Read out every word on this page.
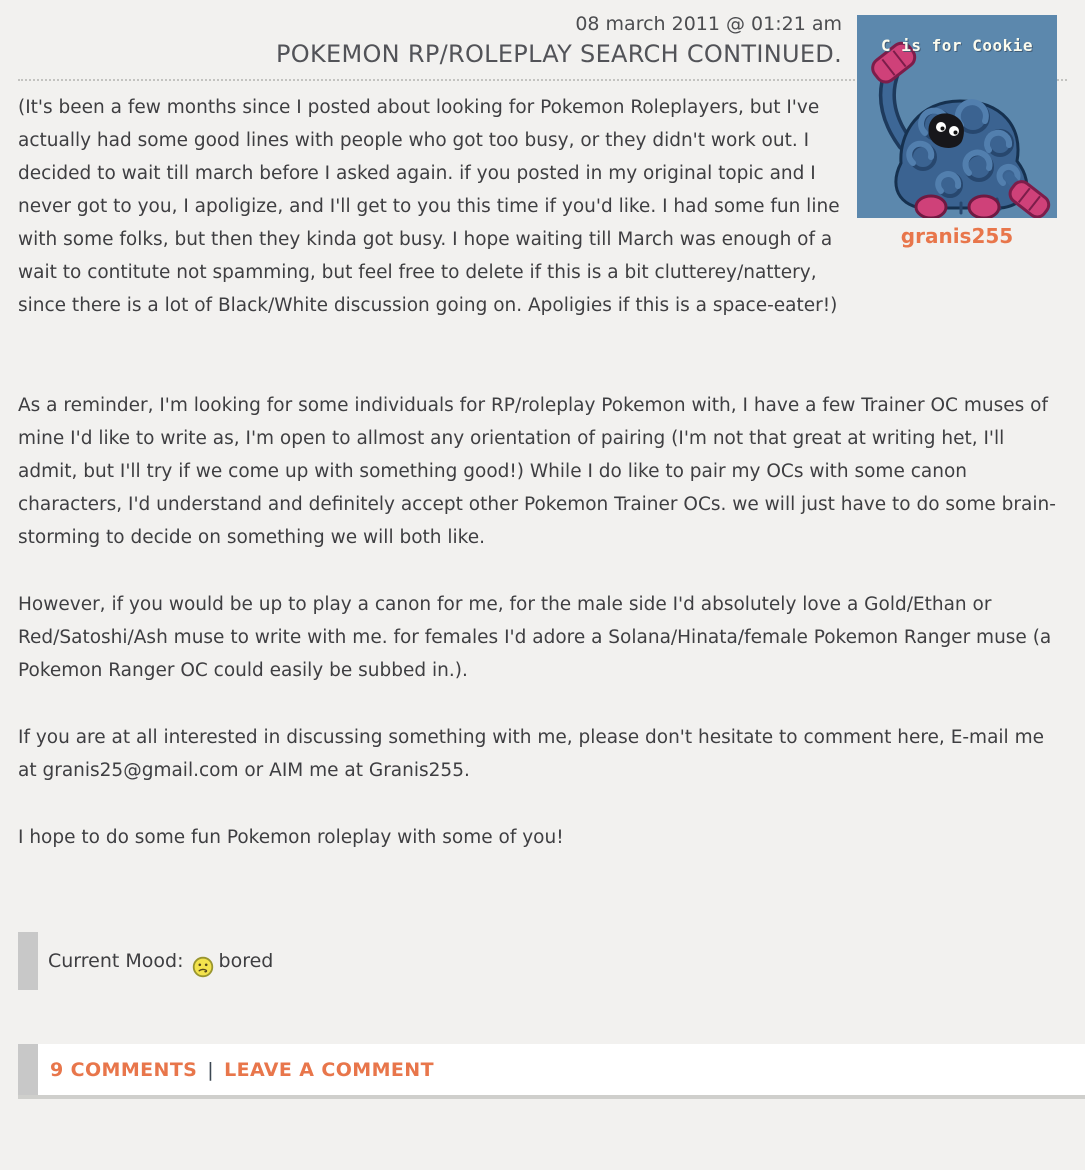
C is for Cookie
granis255
08 march 2011 @ 01:21 am
POKEMON RP/ROLEPLAY SEARCH CONTINUED.

(It's been a few months since I posted about looking for Pokemon Roleplayers, but I've actually had some good lines with people who got too busy, or they didn't work out. I decided to wait till march before I asked again. if you posted in my original topic and I never got to you, I apoligize, and I'll get to you this time if you'd like. I had some fun line with some folks, but then they kinda got busy. I hope waiting till March was enough of a wait to contitute not spamming, but feel free to delete if this is a bit clutterey/nattery, since there is a lot of Black/White discussion going on. Apoligies if this is a space-eater!)

As a reminder, I'm looking for some individuals for RP/roleplay Pokemon with, I have a few Trainer OC muses of mine I'd like to write as, I'm open to allmost any orientation of pairing (I'm not that great at writing het, I'll admit, but I'll try if we come up with something good!) While I do like to pair my OCs with some canon characters, I'd understand and definitely accept other Pokemon Trainer OCs. we will just have to do some brain-storming to decide on something we will both like.

However, if you would be up to play a canon for me, for the male side I'd absolutely love a Gold/Ethan or Red/Satoshi/Ash muse to write with me. for females I'd adore a Solana/Hinata/female Pokemon Ranger muse (a Pokemon Ranger OC could easily be subbed in.).

If you are at all interested in discussing something with me, please don't hesitate to comment here, E-mail me at granis25@gmail.com or AIM me at Granis255.

I hope to do some fun Pokemon roleplay with some of you!

Current Mood: bored
9 COMMENTS | LEAVE A COMMENT
